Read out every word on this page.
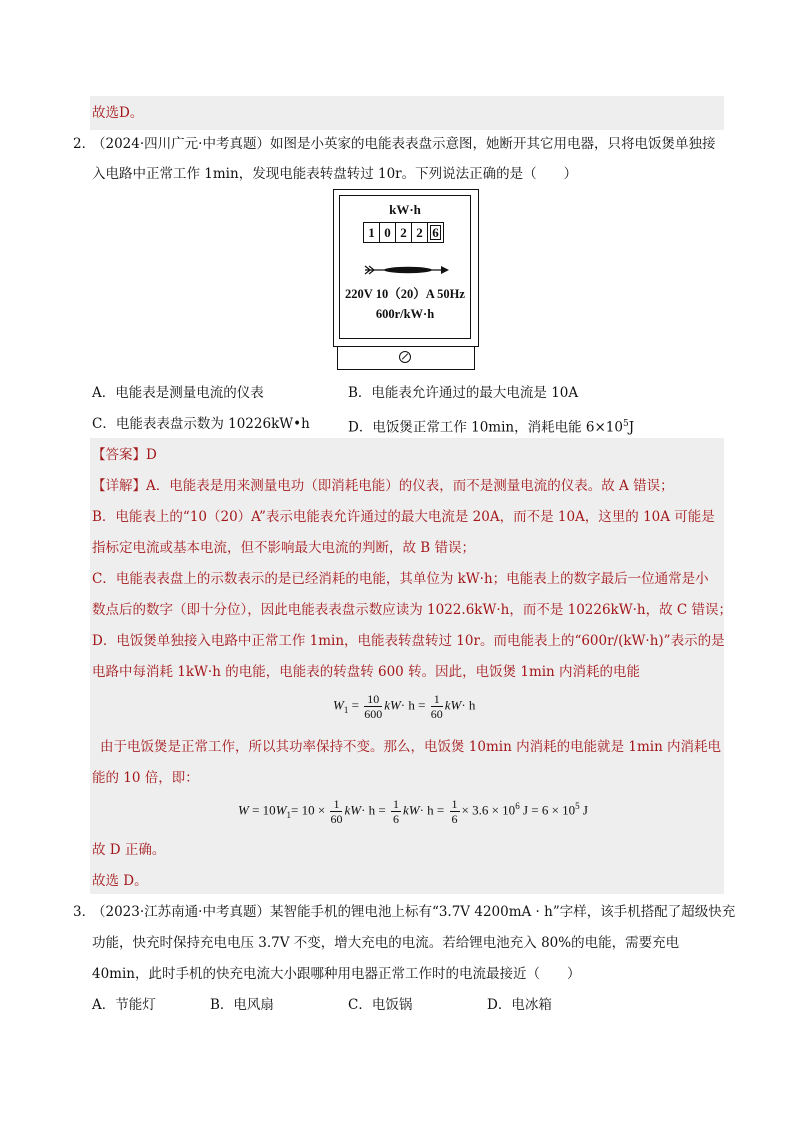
故选D。
2．
（2024·四川广元·中考真题）如图是小英家的电能表表盘示意图，她断开其它用电器，只将电饭煲单独接
入电路中正常工作 1min，发现电能表转盘转过 10r。下列说法正确的是（　　）
kW·h
1 0 2 2 6
220V 10（20）A 50Hz
600r/kW·h
A．电能表是测量电流的仪表	B．电能表允许通过的最大电流是 10A
C．电能表表盘示数为 10226kW•h	D．电饭煲正常工作 10min，消耗电能 $6\times 10^5J$
【答案】D
【详解】A．电能表是用来测量电功（即消耗电能）的仪表，而不是测量电流的仪表。故 A 错误；
B．电能表上的“10（20）A”表示电能表允许通过的最大电流是 20A，而不是 10A，这里的 10A 可能是
指标定电流或基本电流，但不影响最大电流的判断，故 B 错误；
C．电能表表盘上的示数表示的是已经消耗的电能，其单位为 kW·h；电能表上的数字最后一位通常是小
数点后的数字（即十分位），因此电能表表盘示数应读为 1022.6kW·h，而不是 10226kW·h，故 C 错误；
D．电饭煲单独接入电路中正常工作 1min，电能表转盘转过 10r。而电能表上的“600r/(kW·h)”表示的是
电路中每消耗 1kW·h 的电能，电能表的转盘转 600 转。因此，电饭煲 1min 内消耗的电能
$W_1 = \frac{10}{600} kW\cdot h = \frac{1}{60} kW\cdot h$
由于电饭煲是正常工作，所以其功率保持不变。那么，电饭煲 10min 内消耗的电能就是 1min 内消耗电
能的 10 倍，即：
$W = 10W_1= 10 \times \frac{1}{60} kW\cdot h = \frac{1}{6} kW\cdot h = \frac{1}{6} \times 3.6 \times 10^6$ $J = 6 \times 10^5$ J
故 D 正确。
故选 D。
3．
（2023·江苏南通·中考真题）某智能手机的锂电池上标有“3.7V 4200mA · h”字样，该手机搭配了超级快充
功能，快充时保持充电电压 3.7V 不变，增大充电的电流。若给锂电池充入 80%的电能，需要充电
40min，此时手机的快充电流大小跟哪种用电器正常工作时的电流最接近（　　）
A．节能灯	B．电风扇	C．电饭锅	D．电冰箱
